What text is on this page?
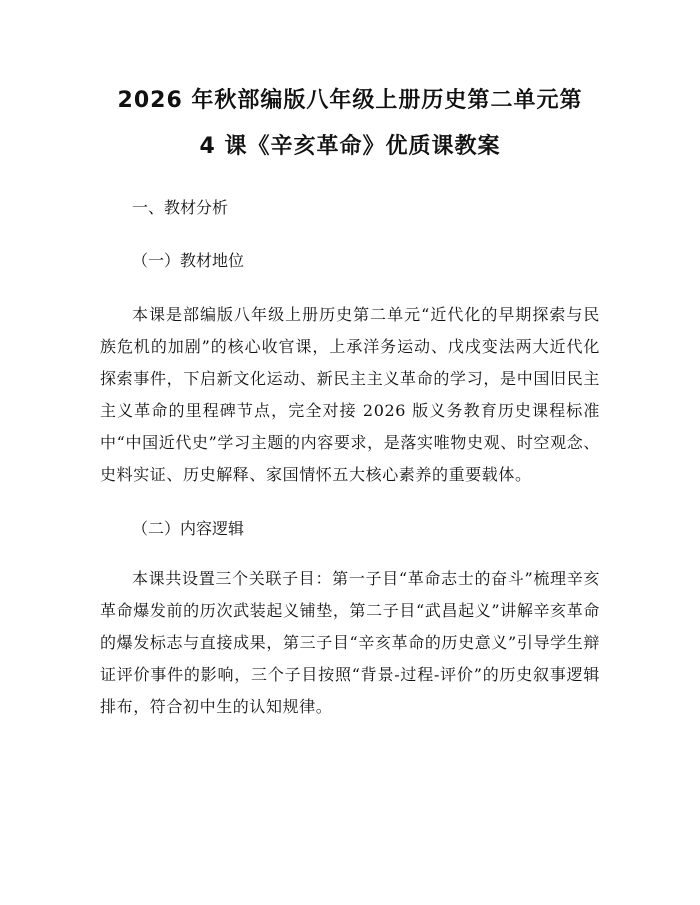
2026 年秋部编版八年级上册历史第二单元第
4 课《辛亥革命》优质课教案

一、教材分析

（一）教材地位

本课是部编版八年级上册历史第二单元“近代化的早期探索与民族危机的加剧”的核心收官课，上承洋务运动、戊戌变法两大近代化探索事件，下启新文化运动、新民主主义革命的学习，是中国旧民主主义革命的里程碑节点，完全对接 2026 版义务教育历史课程标准中“中国近代史”学习主题的内容要求，是落实唯物史观、时空观念、史料实证、历史解释、家国情怀五大核心素养的重要载体。

（二）内容逻辑

本课共设置三个关联子目：第一子目“革命志士的奋斗”梳理辛亥革命爆发前的历次武装起义铺垫，第二子目“武昌起义”讲解辛亥革命的爆发标志与直接成果，第三子目“辛亥革命的历史意义”引导学生辩证评价事件的影响，三个子目按照“背景-过程-评价”的历史叙事逻辑排布，符合初中生的认知规律。
